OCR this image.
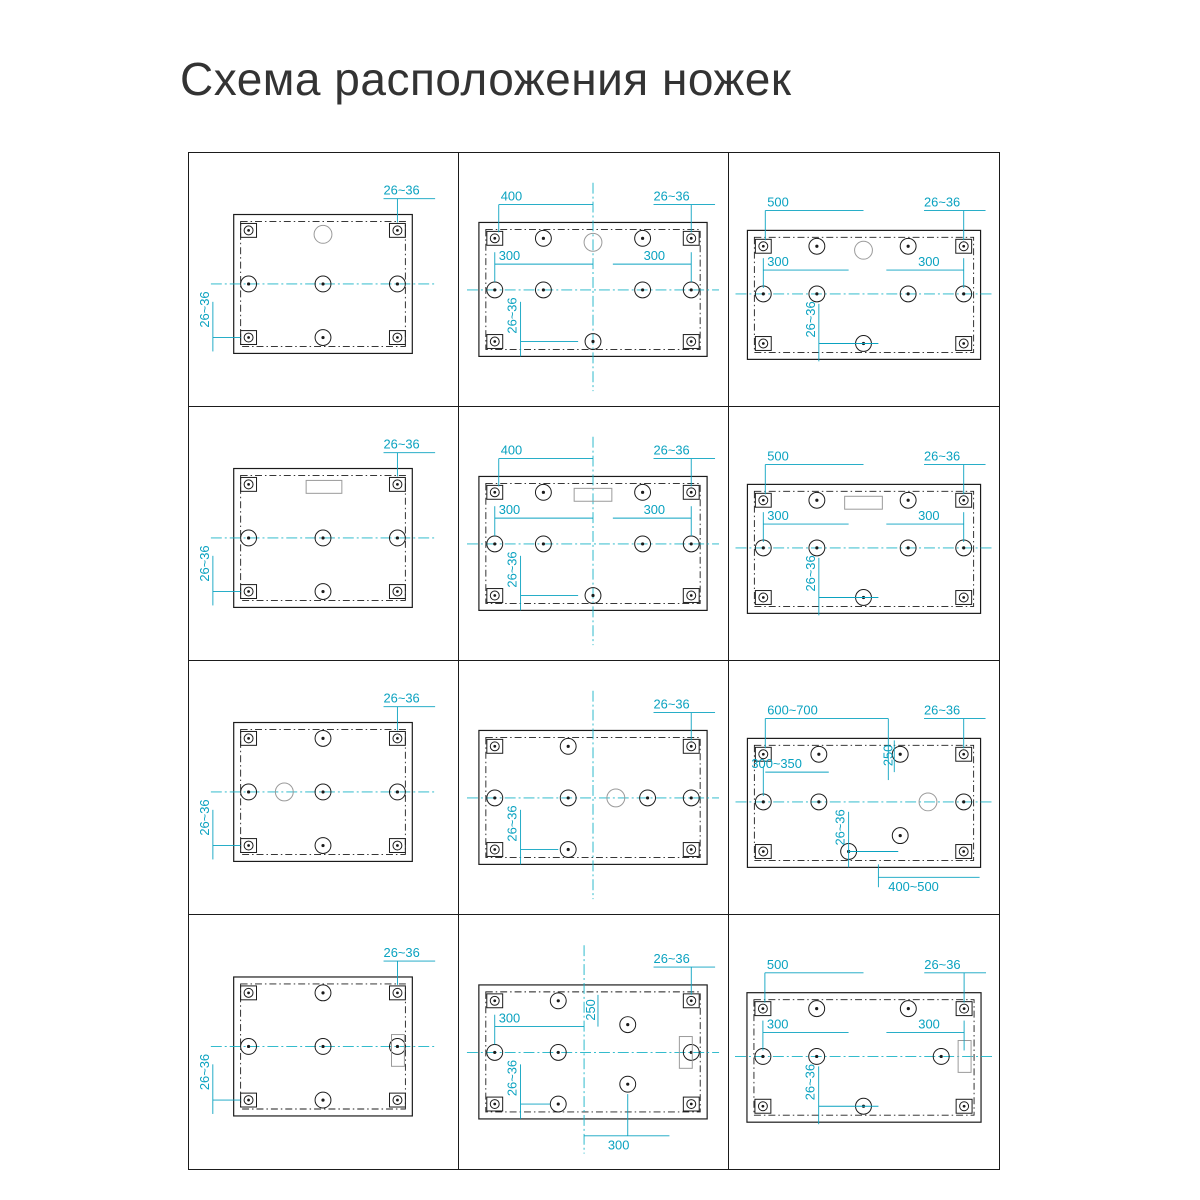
Схема расположения ножек
26~36
26~36
400	26~36
300	300
26~36
500	26~36
300	300
26~36
26~36
26~36
400	26~36
300	300
26~36
500	26~36
300	300
26~36
26~36
26~36
26~36
26~36
600~700	26~36
300~350	250
26~36
400~500
26~36
26~36
26~36
300	250
26~36
300
500	26~36
300	300
26~36
